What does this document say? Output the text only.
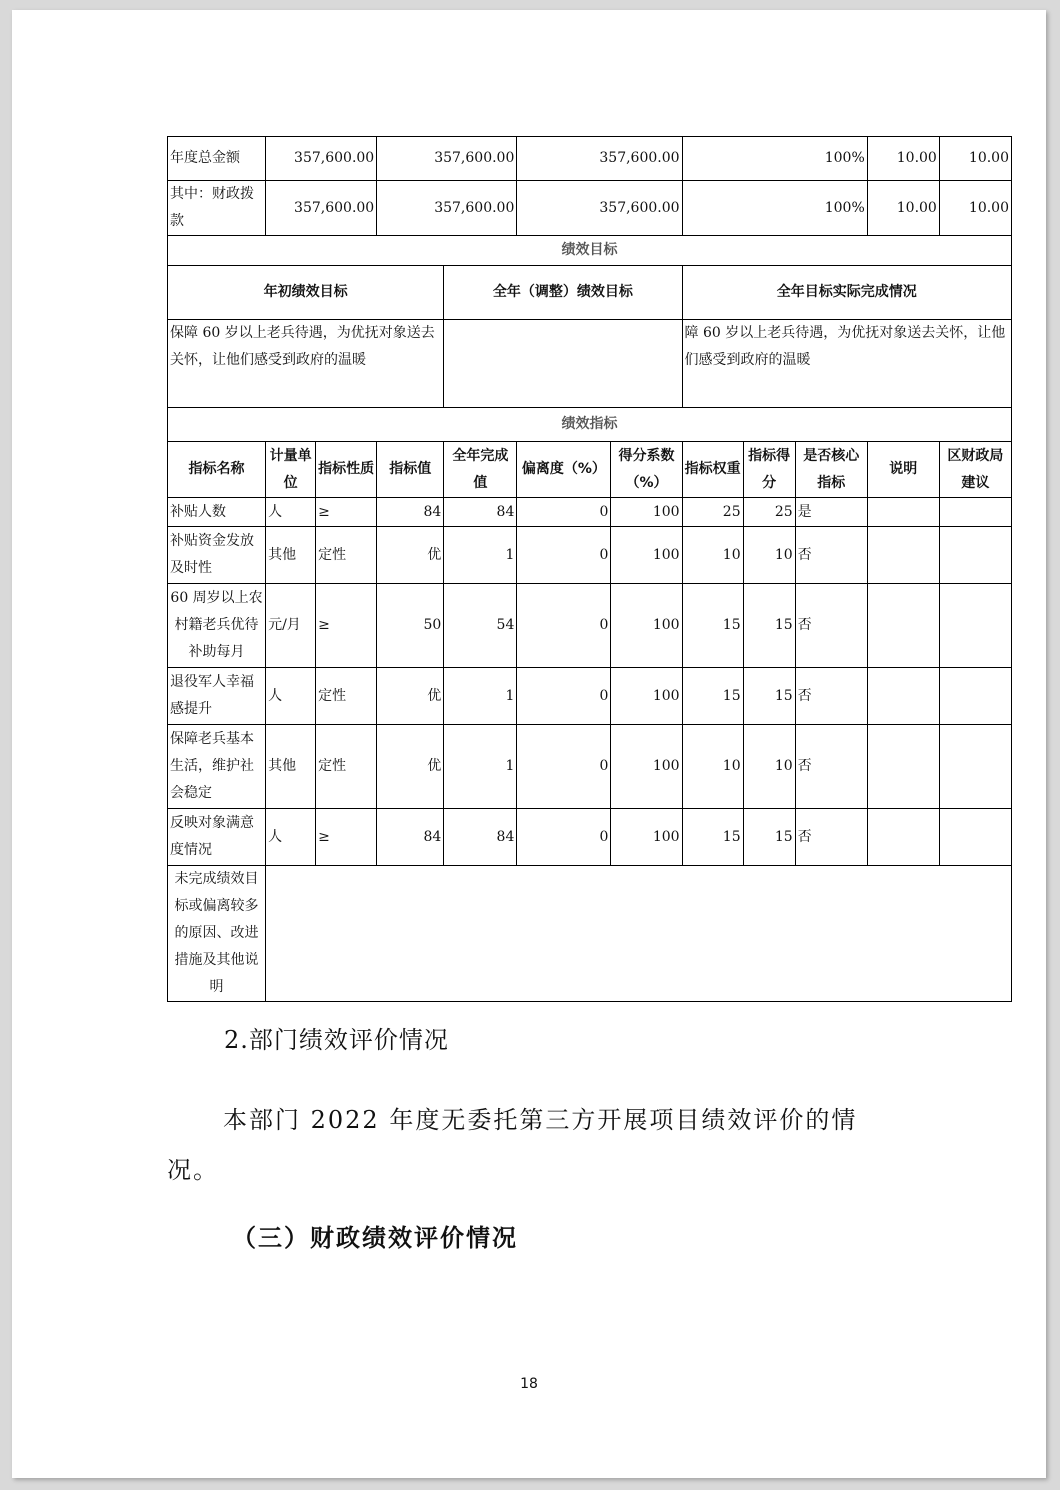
年度总金额	357,600.00		357,600.00		357,600.00		100%			10.00	10.00
其中：财政拨款	357,600.00		357,600.00		357,600.00		100%			10.00	10.00
绩效目标											
年初绩效目标				全年（调整）绩效目标			全年目标实际完成情况				
保障 60 岁以上老兵待遇，为优抚对象送去关怀，让他们感受到政府的温暖							障 60 岁以上老兵待遇，为优抚对象送去关怀，让他们感受到政府的温暖				
绩效指标											
指标名称	计量单位	指标性质	指标值	全年完成值	偏离度（%）	得分系数（%）	指标权重	指标得分	是否核心指标	说明	区财政局建议
补贴人数	人	≥	84	84	0	100	25	25	是		
补贴资金发放及时性	其他	定性	优	1	0	100	10	10	否		
60 周岁以上农村籍老兵优待补助每月	元/月	≥	50	54	0	100	15	15	否		
退役军人幸福感提升	人	定性	优	1	0	100	15	15	否		
保障老兵基本生活，维护社会稳定	其他	定性	优	1	0	100	10	10	否		
反映对象满意度情况	人	≥	84	84	0	100	15	15	否		
未完成绩效目标或偏离较多的原因、改进措施及其他说明											
2.部门绩效评价情况
本部门 2022 年度无委托第三方开展项目绩效评价的情况。
（三）财政绩效评价情况
18
